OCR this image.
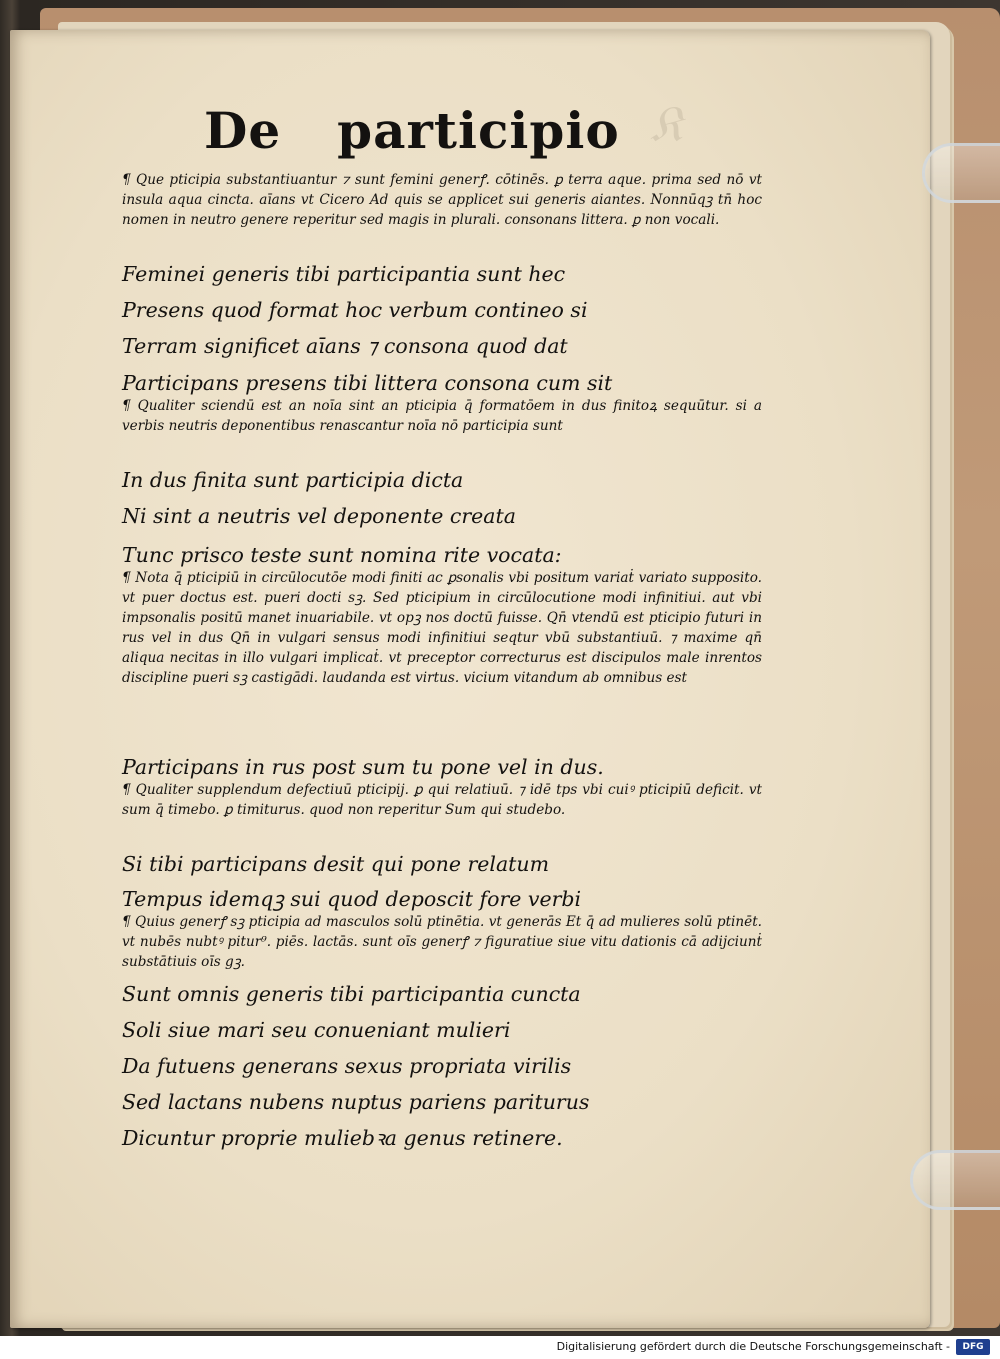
𝔎
De participio

¶ Que pticipia substantiuantur ⁊ sunt femini generꝭ. cōtinēs. ꝑ terra aque. prima sed nō vt insula aqua cincta. aīans vt Cicero Ad quis se applicet sui generis aiantes. Nonnūqꝫ tn̄ hoc nomen in neutro genere reperitur sed magis in plurali. consonans littera. ꝑ non vocali.

Feminei generis tibi participantia sunt hec

Presens quod format hoc verbum contineo si

Terram significet aīans ⁊ consona quod dat

Participans presens tibi littera consona cum sit

¶ Qualiter sciendū est an noīa sint an pticipia q̄ formatōem in dus finitoꝝ sequūtur. si a verbis neutris deponentibus renascantur noīa nō participia sunt

In dus finita sunt participia dicta

Ni sint a neutris vel deponente creata

Tunc prisco teste sunt nomina rite vocata:

¶ Nota q̄ pticipiū in circūlocutōe modi finiti ac ꝑsonalis vbi positum variaṫ variato supposito. vt puer doctus est. pueri docti sꝫ. Sed pticipium in circūlocutione modi infinitiui. aut vbi impsonalis positū manet inuariabile. vt opꝫ nos doctū fuisse. Qn̄ vtendū est pticipio futuri in rus vel in dus Qn̄ in vulgari sensus modi infinitiui seqtur vbū substantiuū. ⁊ maxime qn̄ aliqua necitas in illo vulgari implicaṫ. vt preceptor correcturus est discipulos male inrentos discipline pueri sꝫ castigādi. laudanda est virtus. vicium vitandum ab omnibus est

Participans in rus post sum tu pone vel in dus.

¶ Qualiter supplendum defectiuū pticipij. ꝑ qui relatiuū. ⁊ idē tps vbi cuiꝰ pticipiū deficit. vt sum q̄ timebo. ꝑ timiturus. quod non reperitur Sum qui studebo.

Si tibi participans desit qui pone relatum

Tempus idemqꝫ sui quod deposcit fore verbi

¶ Quius generꝭ sꝫ pticipia ad masculos solū ptinētia. vt generās Et q̄ ad mulieres solū ptinēt. vt nubēs nubtꝰ pitur⁹. piēs. lactās. sunt oīs generꝭ ⁊ figuratiue siue vitu dationis cā adijciunṫ substātiuis oīs gꝫ.

Sunt omnis generis tibi participantia cuncta

Soli siue mari seu conueniant mulieri

Da futuens generans sexus propriata virilis

Sed lactans nubens nuptus pariens pariturus

Dicuntur proprie muliebꝛa genus retinere.

Digitalisierung gefördert durch die Deutsche Forschungsgemeinschaft -	DFG
